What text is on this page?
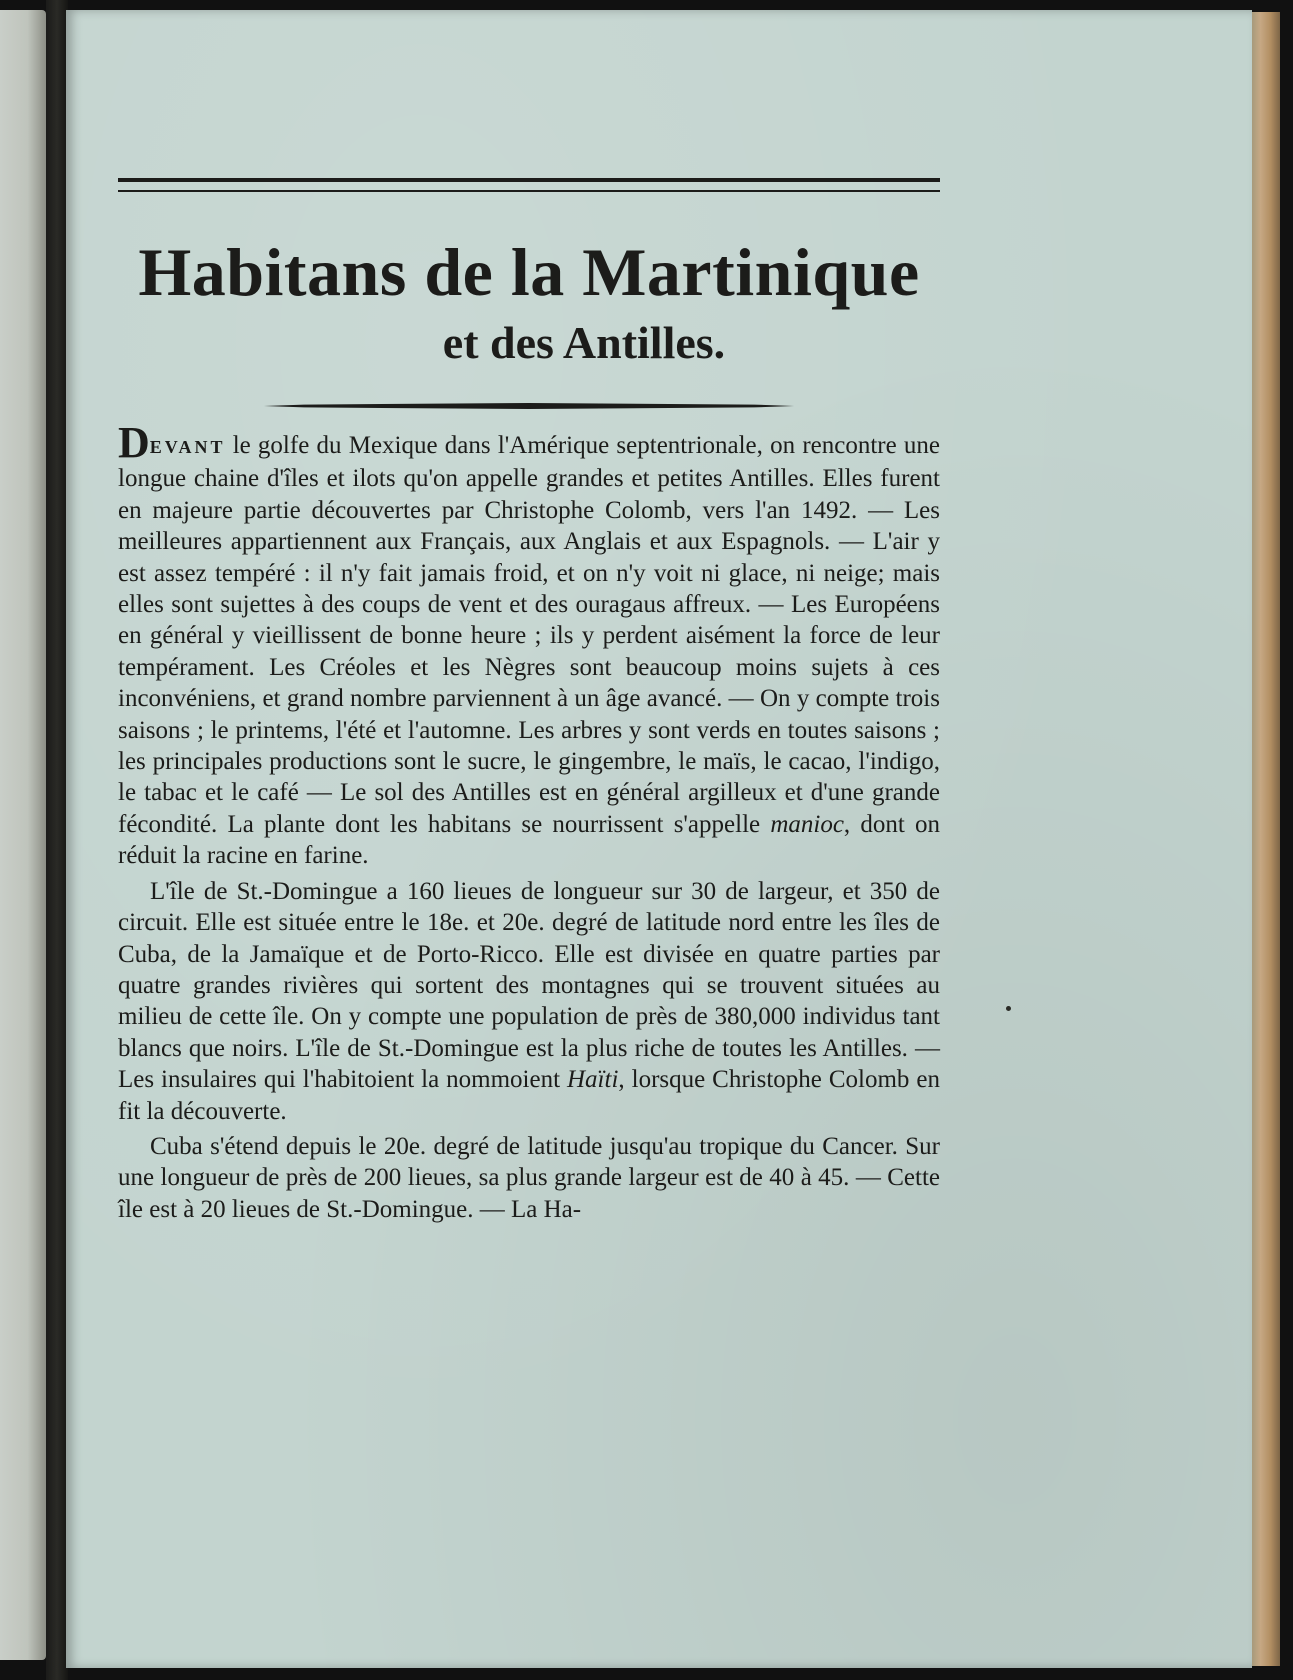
Habitans de la Martinique
et des Antilles.

DEVANT le golfe du Mexique dans l'Amérique septentrionale, on rencontre une longue chaine d'îles et ilots qu'on appelle grandes et petites Antilles. Elles furent en majeure partie découvertes par Christophe Colomb, vers l'an 1492. — Les meilleures appartiennent aux Français, aux Anglais et aux Espagnols. — L'air y est assez tempéré : il n'y fait jamais froid, et on n'y voit ni glace, ni neige; mais elles sont sujettes à des coups de vent et des ouragaus affreux. — Les Européens en général y vieillissent de bonne heure ; ils y perdent aisément la force de leur tempérament. Les Créoles et les Nègres sont beaucoup moins sujets à ces inconvéniens, et grand nombre parviennent à un âge avancé. — On y compte trois saisons ; le printems, l'été et l'automne. Les arbres y sont verds en toutes saisons ; les principales productions sont le sucre, le gingembre, le maïs, le cacao, l'indigo, le tabac et le café — Le sol des Antilles est en général argilleux et d'une grande fécondité. La plante dont les habitans se nourrissent s'appelle manioc, dont on réduit la racine en farine.

L'île de St.-Domingue a 160 lieues de longueur sur 30 de largeur, et 350 de circuit. Elle est située entre le 18e. et 20e. degré de latitude nord entre les îles de Cuba, de la Jamaïque et de Porto-Ricco. Elle est divisée en quatre parties par quatre grandes rivières qui sortent des montagnes qui se trouvent situées au milieu de cette île. On y compte une population de près de 380,000 individus tant blancs que noirs. L'île de St.-Domingue est la plus riche de toutes les Antilles. — Les insulaires qui l'habitoient la nommoient Haïti, lorsque Christophe Colomb en fit la découverte.

Cuba s'étend depuis le 20e. degré de latitude jusqu'au tropique du Cancer. Sur une longueur de près de 200 lieues, sa plus grande largeur est de 40 à 45. — Cette île est à 20 lieues de St.-Domingue. — La Ha-
